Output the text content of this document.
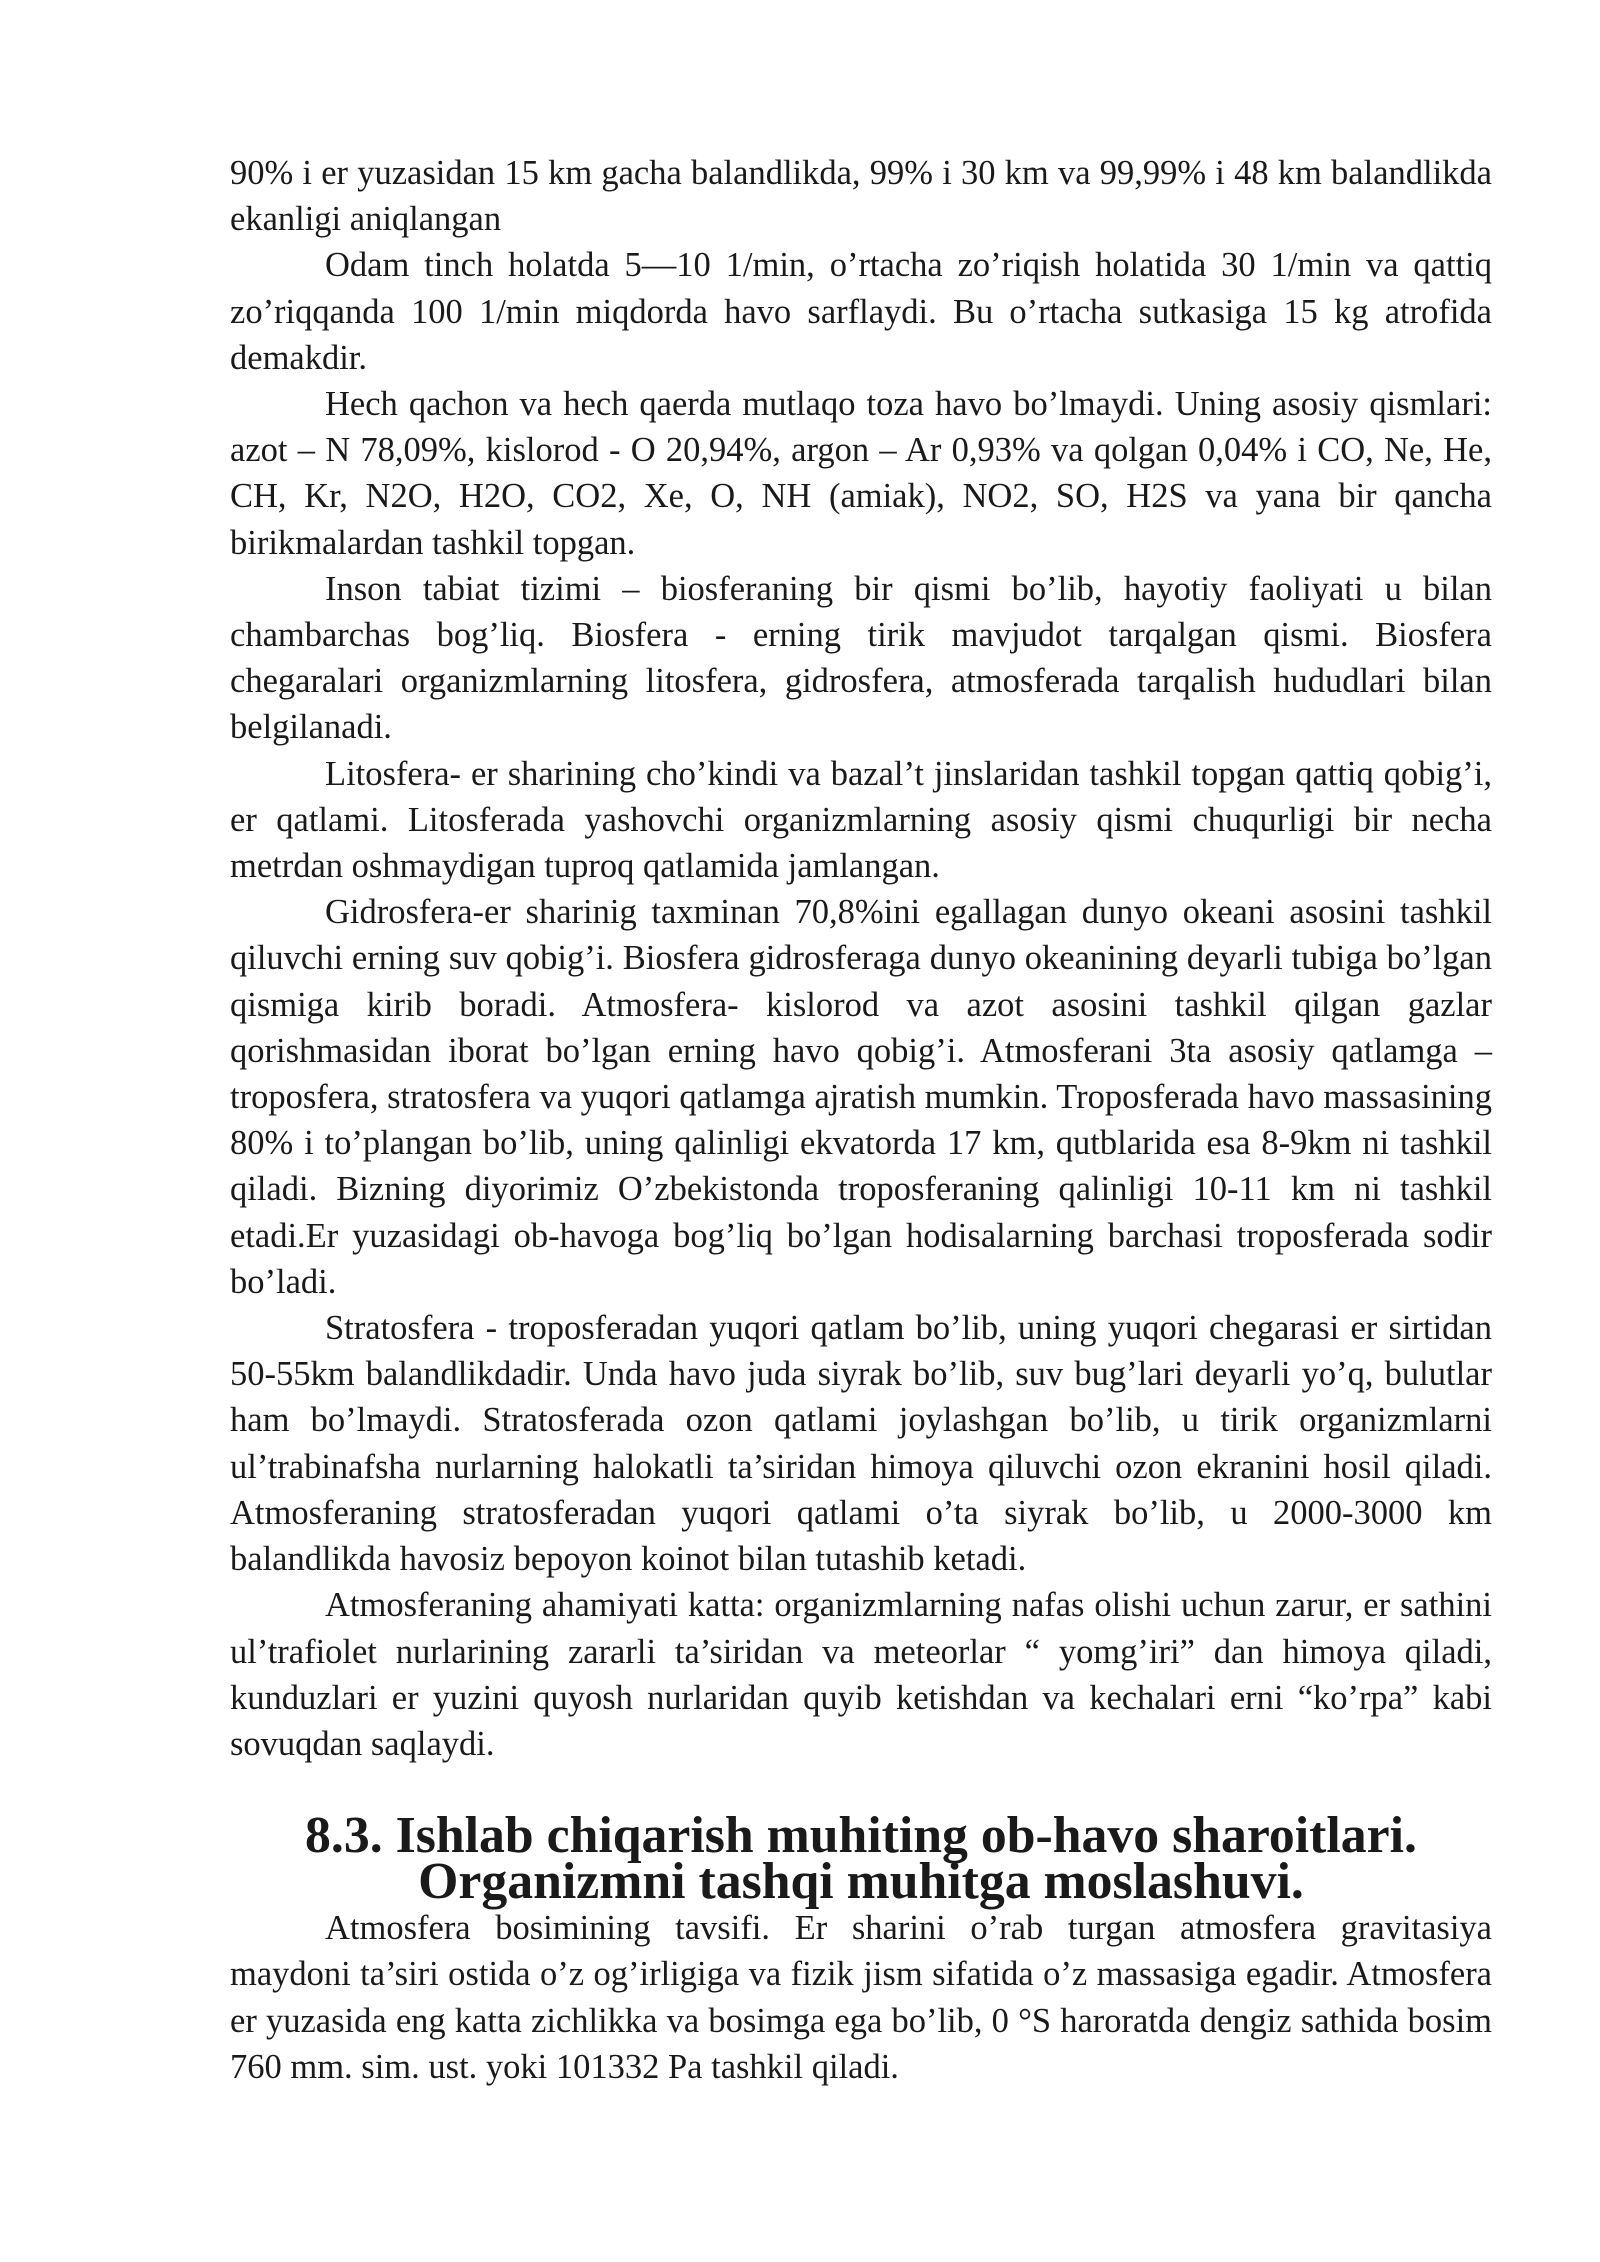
90% i er yuzasidan 15 km gacha balandlikda, 99% i 30 km va 99,99% i 48 km balandlikda ekanligi aniqlangan

Odam tinch holatda 5—10 1/min, o’rtacha zo’riqish holatida 30 1/min va qattiq zo’riqqanda 100 1/min miqdorda havo sarflaydi. Bu o’rtacha sutkasiga 15 kg atrofida demakdir.

Hech qachon va hech qaerda mutlaqo toza havo bo’lmaydi. Uning asosiy qismlari: azot – N 78,09%, kislorod - O 20,94%, argon – Ar 0,93% va qolgan 0,04% i CO, Ne, He, CH, Kr, N2O, H2O, CO2, Xe, O, NH (amiak), NO2, SO, H2S va yana bir qancha birikmalardan tashkil topgan.

Inson tabiat tizimi – biosferaning bir qismi bo’lib, hayotiy faoliyati u bilan chambarchas bog’liq. Biosfera - erning tirik mavjudot tarqalgan qismi. Biosfera chegaralari organizmlarning litosfera, gidrosfera, atmosferada tarqalish hududlari bilan belgilanadi.

Litosfera- er sharining cho’kindi va bazal’t jinslaridan tashkil topgan qattiq qobig’i, er qatlami. Litosferada yashovchi organizmlarning asosiy qismi chuqurligi bir necha metrdan oshmaydigan tuproq qatlamida jamlangan.

Gidrosfera-er sharinig taxminan 70,8%ini egallagan dunyo okeani asosini tashkil qiluvchi erning suv qobig’i. Biosfera gidrosferaga dunyo okeanining deyarli tubiga bo’lgan qismiga kirib boradi. Atmosfera- kislorod va azot asosini tashkil qilgan gazlar qorishmasidan iborat bo’lgan erning havo qobig’i. Atmosferani 3ta asosiy qatlamga – troposfera, stratosfera va yuqori qatlamga ajratish mumkin. Troposferada havo massasining 80% i to’plangan bo’lib, uning qalinligi ekvatorda 17 km, qutblarida esa 8-9km ni tashkil qiladi. Bizning diyorimiz O’zbekistonda troposferaning qalinligi 10-11 km ni tashkil etadi.Er yuzasidagi ob-havoga bog’liq bo’lgan hodisalarning barchasi troposferada sodir bo’ladi.

Stratosfera - troposferadan yuqori qatlam bo’lib, uning yuqori chegarasi er sirtidan 50-55km balandlikdadir. Unda havo juda siyrak bo’lib, suv bug’lari deyarli yo’q, bulutlar ham bo’lmaydi. Stratosferada ozon qatlami joylashgan bo’lib, u tirik organizmlarni ul’trabinafsha nurlarning halokatli ta’siridan himoya qiluvchi ozon ekranini hosil qiladi. Atmosferaning stratosferadan yuqori qatlami o’ta siyrak bo’lib, u 2000-3000 km balandlikda havosiz bepoyon koinot bilan tutashib ketadi.

Atmosferaning ahamiyati katta: organizmlarning nafas olishi uchun zarur, er sathini ul’trafiolet nurlarining zararli ta’siridan va meteorlar “ yomg’iri” dan himoya qiladi, kunduzlari er yuzini quyosh nurlaridan quyib ketishdan va kechalari erni “ko’rpa” kabi sovuqdan saqlaydi.

8.3. Ishlab chiqarish muhiting ob-havo sharoitlari. Organizmni tashqi muhitga moslashuvi.

Atmosfera bosimining tavsifi. Er sharini o’rab turgan atmosfera gravitasiya maydoni ta’siri ostida o’z og’irligiga va fizik jism sifatida o’z massasiga egadir. Atmosfera er yuzasida eng katta zichlikka va bosimga ega bo’lib, 0 °S haroratda dengiz sathida bosim 760 mm. sim. ust. yoki 101332 Pa tashkil qiladi.
